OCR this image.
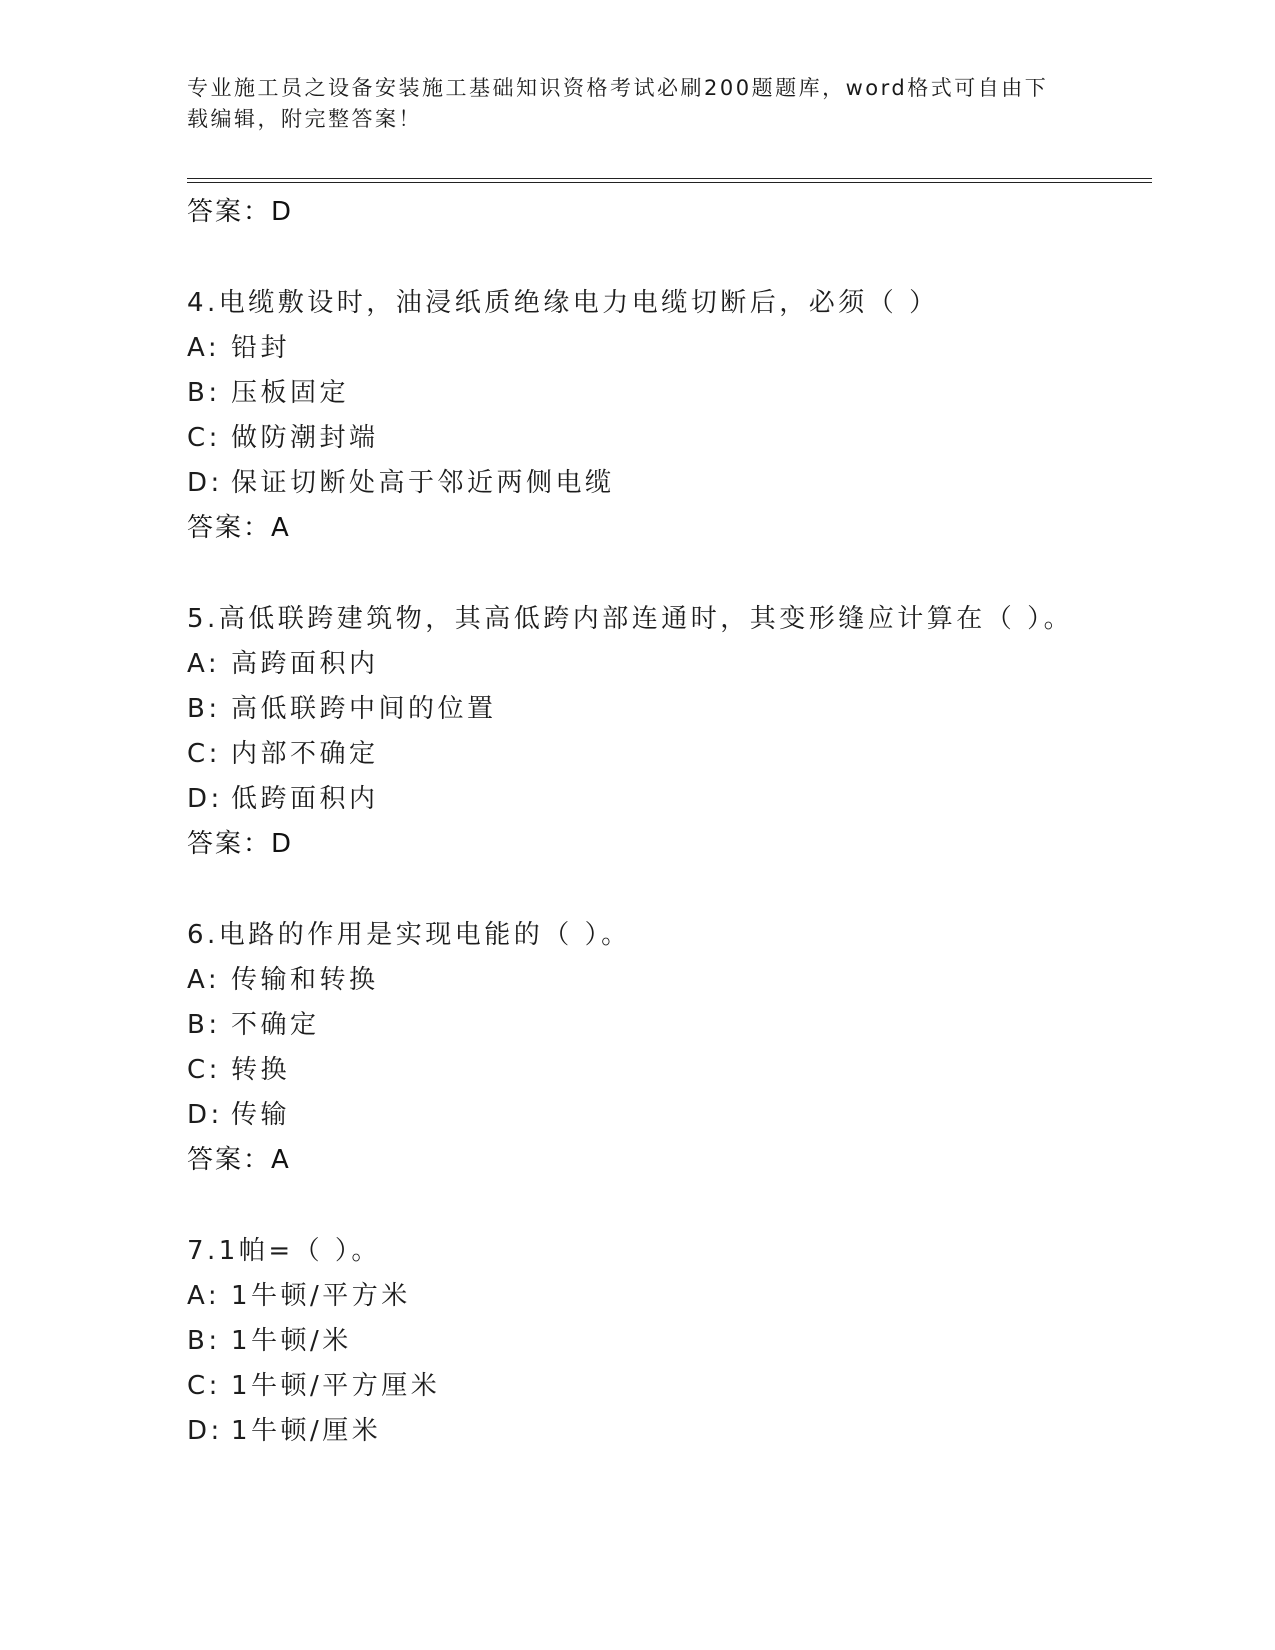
专业施工员之设备安装施工基础知识资格考试必刷200题题库，word格式可自由下载编辑，附完整答案！
答案：D
4.电缆敷设时，油浸纸质绝缘电力电缆切断后，必须（ ）
A: 铅封
B: 压板固定
C: 做防潮封端
D: 保证切断处高于邻近两侧电缆
答案：A
5.高低联跨建筑物，其高低跨内部连通时，其变形缝应计算在（ ）。
A: 高跨面积内
B: 高低联跨中间的位置
C: 内部不确定
D: 低跨面积内
答案：D
6.电路的作用是实现电能的（ ）。
A: 传输和转换
B: 不确定
C: 转换
D: 传输
答案：A
7.1帕=（ ）。
A: 1牛顿/平方米
B: 1牛顿/米
C: 1牛顿/平方厘米
D: 1牛顿/厘米
